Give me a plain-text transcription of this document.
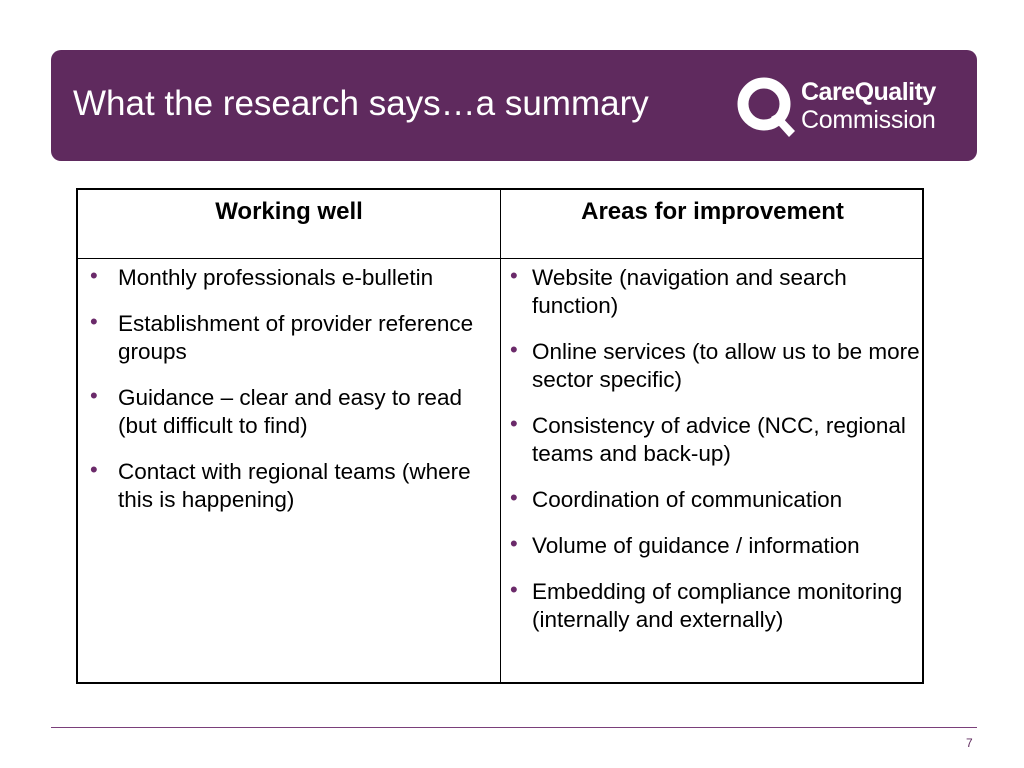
What the research says…a summary	CareQuality
Commission
Working well	Areas for improvement
• Monthly professionals e-bulletin
• Establishment of provider reference groups
• Guidance – clear and easy to read (but difficult to find)
• Contact with regional teams (where this is happening)
• Website (navigation and search function)
• Online services (to allow us to be more sector specific)
• Consistency of advice (NCC, regional teams and back-up)
• Coordination of communication
• Volume of guidance / information
• Embedding of compliance monitoring (internally and externally)
7
